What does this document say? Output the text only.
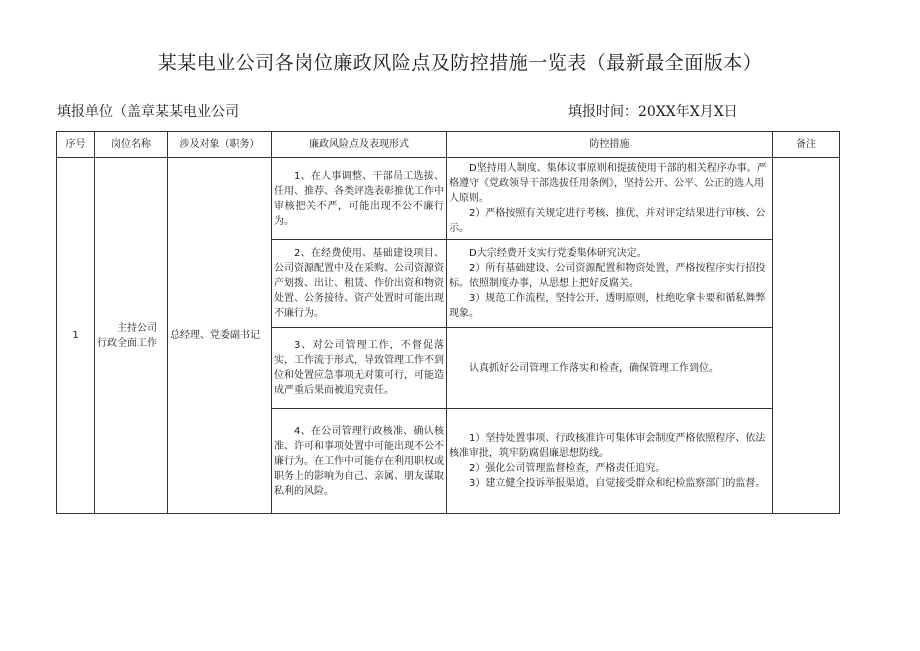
某某电业公司各岗位廉政风险点及防控措施一览表（最新最全面版本）
填报单位（盖章某某电业公司	填报时间：20XX年X月X日
序号	岗位名称	涉及对象（职务）	廉政风险点及表现形式	防控措施	备注
1	主持公司行政全面工作	总经理、党委副书记	1、在人事调整、干部员工选拔、任用、推荐、各类评选表彰推优工作中审核把关不严，可能出现不公不廉行为。	D坚持用人制度、集体议事原则和提拔使用干部的相关程序办事。严格遵守《党政领导干部选拔任用条例》，坚持公开、公平、公正的选人用人原则。
2）严格按照有关规定进行考核、推优，并对评定结果进行审核、公示。	

			2、在经费使用、基础建设项目、公司资源配置中及在采购、公司资源资产划拨、出让、租赁、作价出资和物资处置、公务接待、资产处置时可能出现不廉行为。	D大宗经费开支实行党委集体研究决定。
2）所有基础建设、公司资源配置和物资处置，严格按程序实行招投标。依照制度办事，从思想上把好反腐关。
3）规范工作流程，坚持公开、透明原则，杜绝吃拿卡要和循私舞弊现象。	

			3、对公司管理工作，不督促落实，工作流于形式，导致管理工作不到位和处置应急事项无对策可行，可能造成严重后果而被追究责任。	认真抓好公司管理工作落实和检查，确保管理工作到位。	

			4、在公司管理行政核准、确认核准、许可和事项处置中可能出现不公不廉行为。在工作中可能存在利用职权或职务上的影响为自己、亲属、朋友谋取私利的风险。	1）坚持处置事项、行政核准许可集体审会制度严格依照程序、依法核准审批，筑牢防腐倡廉思想防线。
2）强化公司管理监督检查，严格责任追究。
3）建立健全投诉举报渠道，自觉接受群众和纪检监察部门的监督。	
